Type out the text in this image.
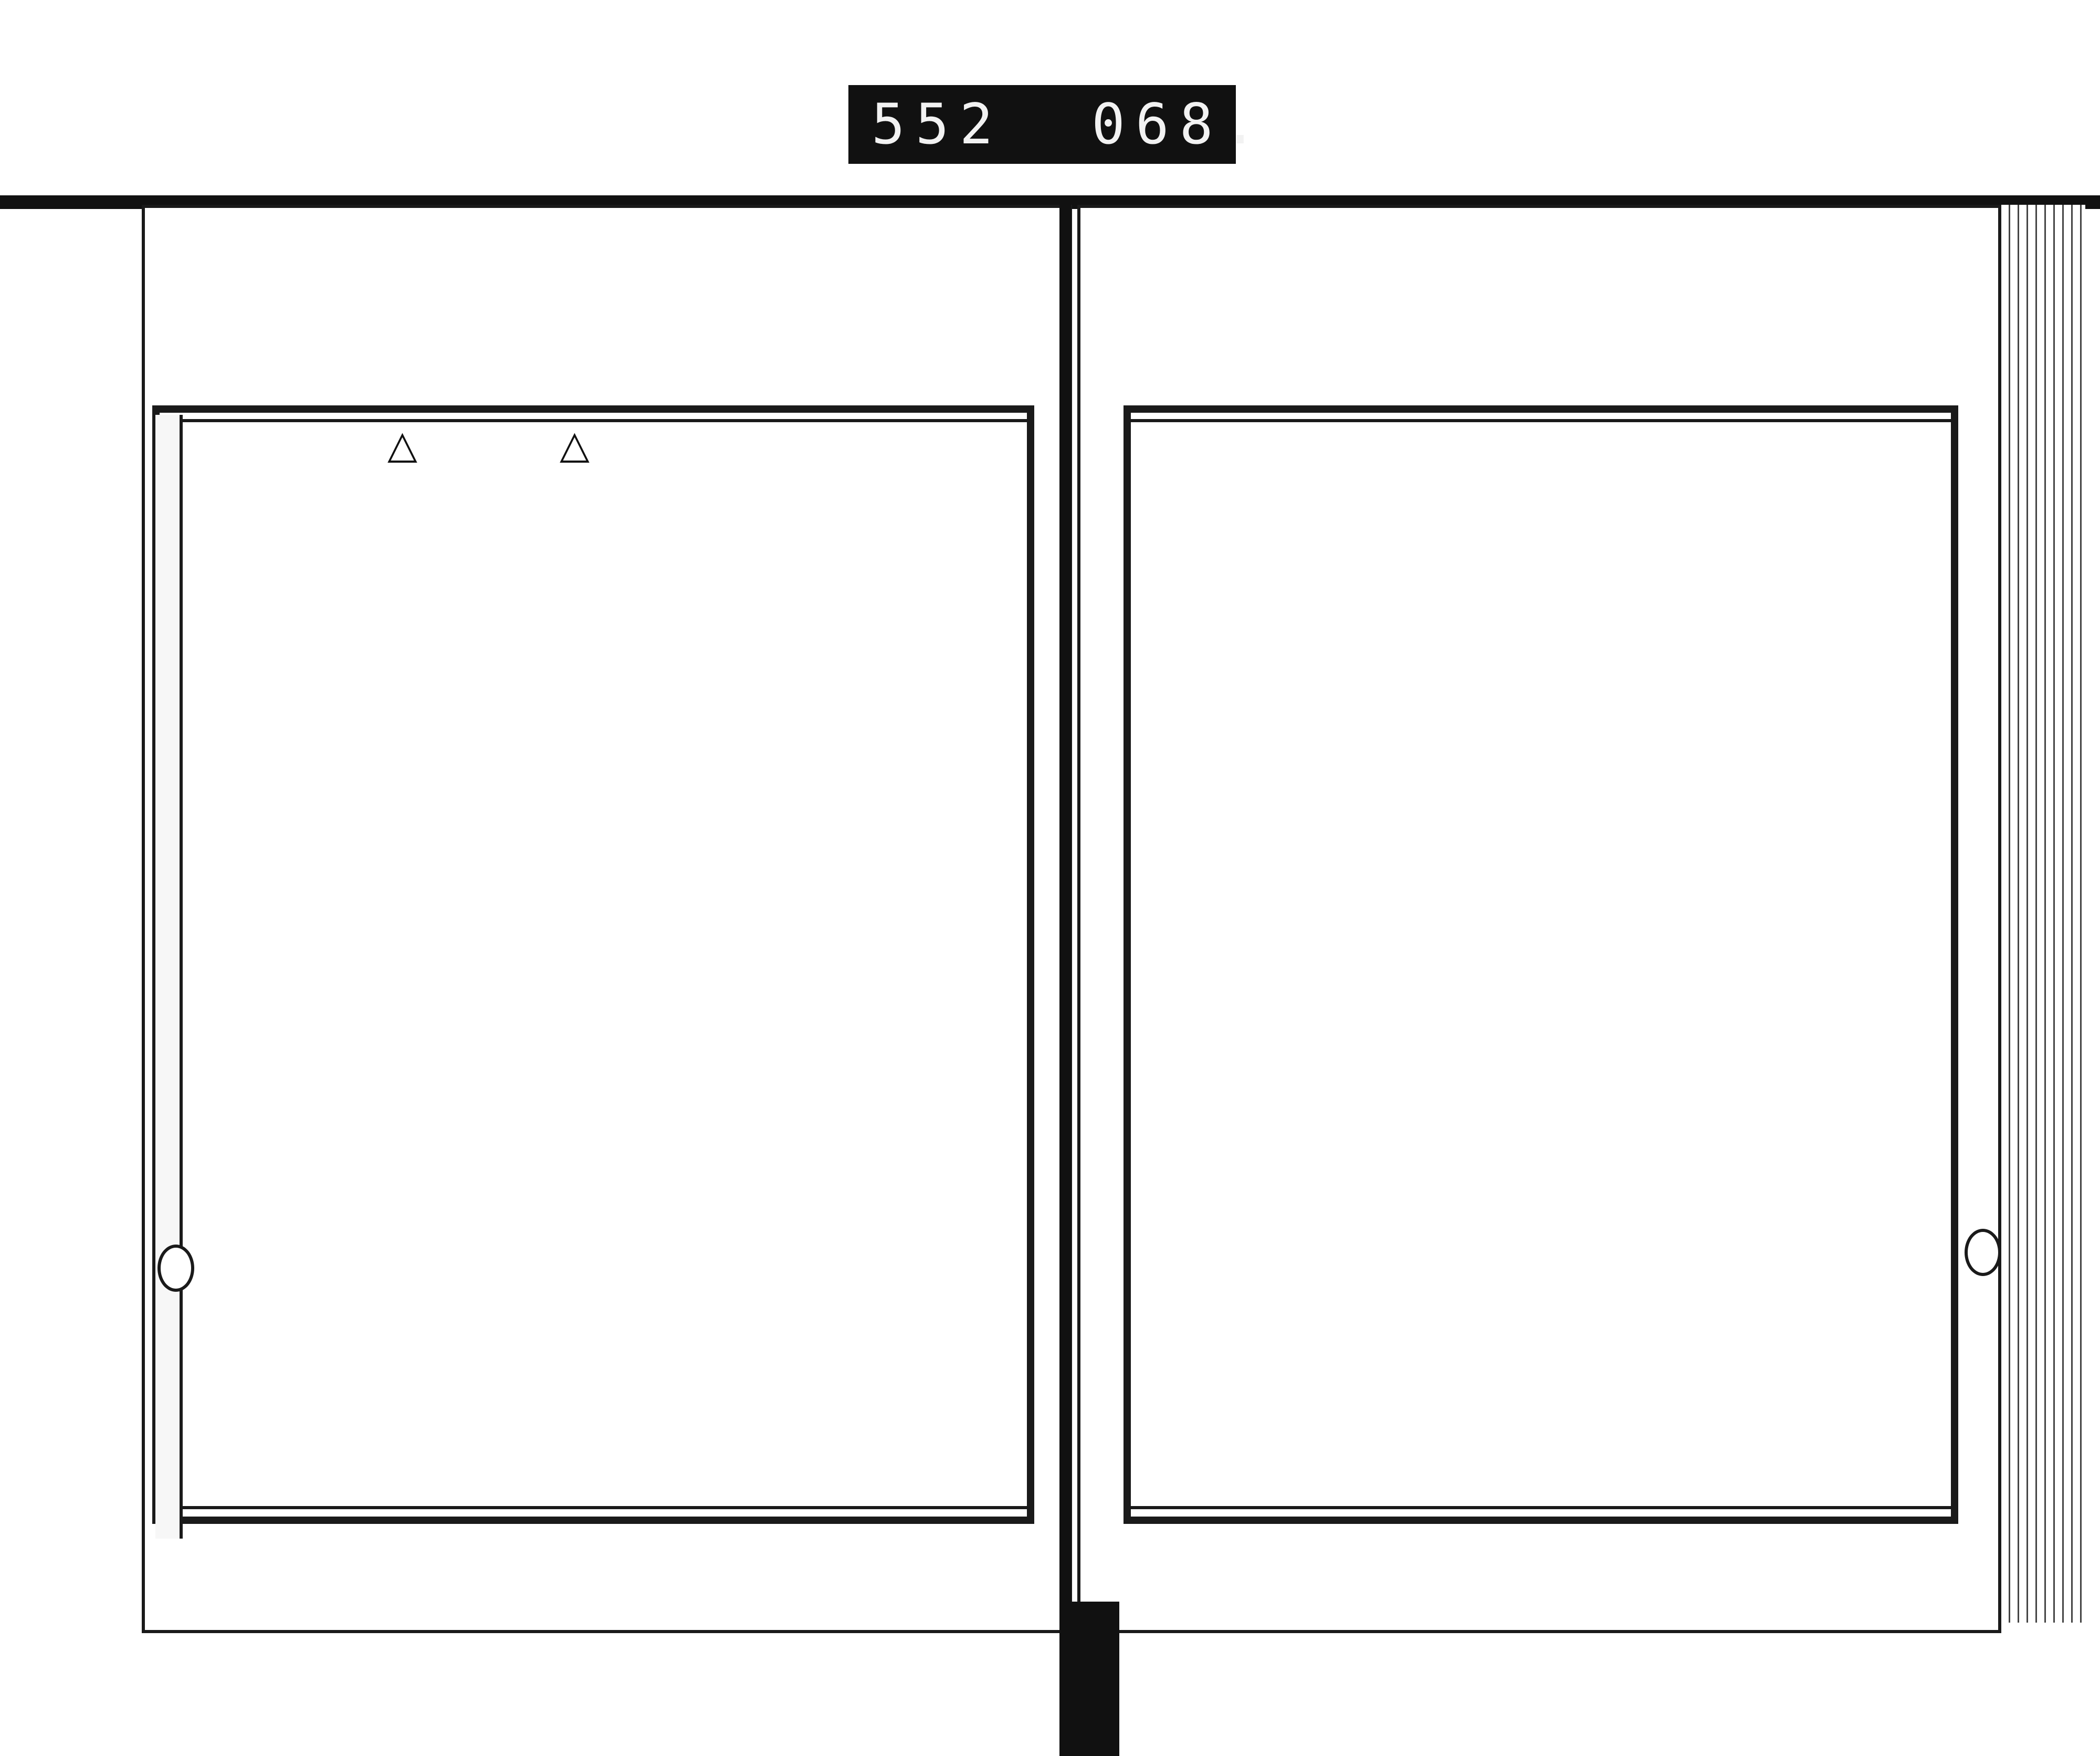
552  068.
△
△
